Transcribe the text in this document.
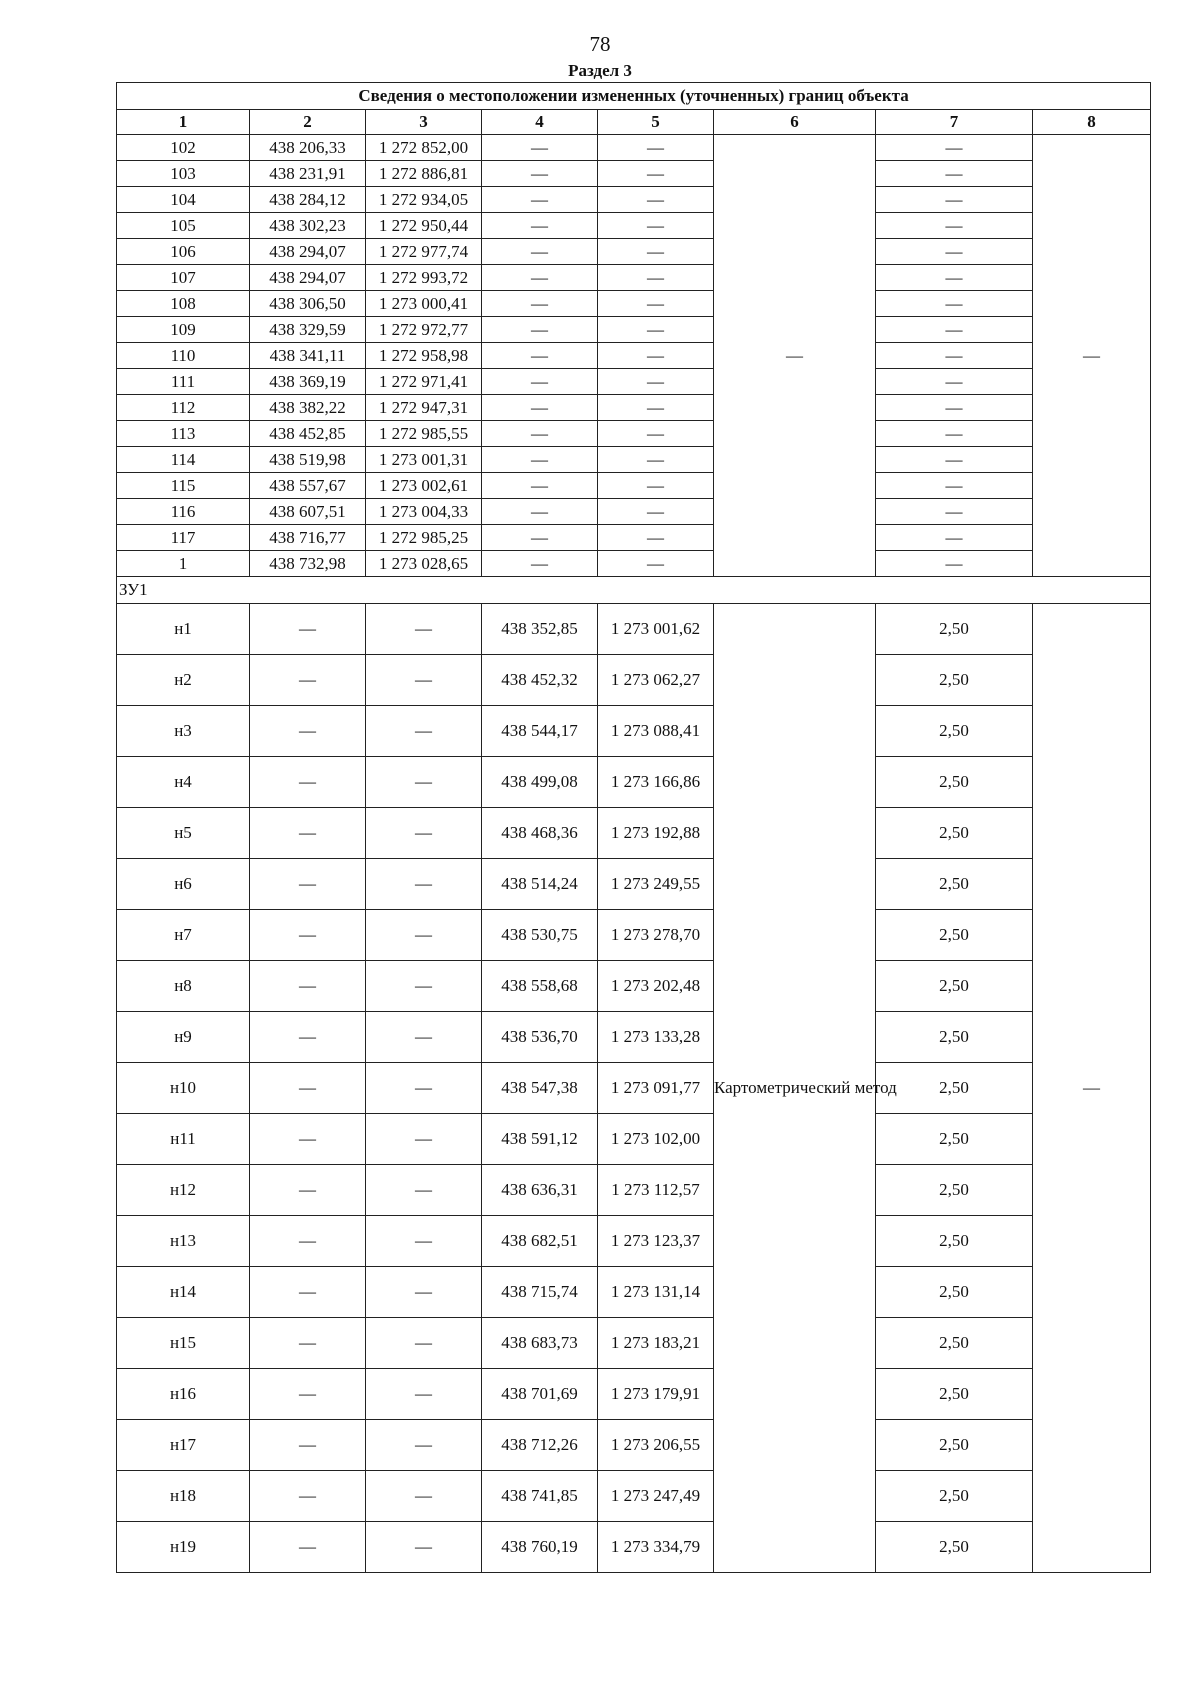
78
Раздел 3
Сведения о местоположении измененных (уточненных) границ объекта							
1	2	3	4	5	6	7	8
102	438 206,33	1 272 852,00	—	—	—	—	—
103	438 231,91	1 272 886,81	—	—		—	
104	438 284,12	1 272 934,05	—	—		—	
105	438 302,23	1 272 950,44	—	—		—	
106	438 294,07	1 272 977,74	—	—		—	
107	438 294,07	1 272 993,72	—	—		—	
108	438 306,50	1 273 000,41	—	—		—	
109	438 329,59	1 272 972,77	—	—		—	
110	438 341,11	1 272 958,98	—	—		—	
111	438 369,19	1 272 971,41	—	—		—	
112	438 382,22	1 272 947,31	—	—		—	
113	438 452,85	1 272 985,55	—	—		—	
114	438 519,98	1 273 001,31	—	—		—	
115	438 557,67	1 273 002,61	—	—		—	
116	438 607,51	1 273 004,33	—	—		—	
117	438 716,77	1 272 985,25	—	—		—	
1	438 732,98	1 273 028,65	—	—		—	
ЗУ1							
н1	—	—	438 352,85	1 273 001,62	Картометрический метод	2,50	—
н2	—	—	438 452,32	1 273 062,27		2,50	
н3	—	—	438 544,17	1 273 088,41		2,50	
н4	—	—	438 499,08	1 273 166,86		2,50	
н5	—	—	438 468,36	1 273 192,88		2,50	
н6	—	—	438 514,24	1 273 249,55		2,50	
н7	—	—	438 530,75	1 273 278,70		2,50	
н8	—	—	438 558,68	1 273 202,48		2,50	
н9	—	—	438 536,70	1 273 133,28		2,50	
н10	—	—	438 547,38	1 273 091,77		2,50	
н11	—	—	438 591,12	1 273 102,00		2,50	
н12	—	—	438 636,31	1 273 112,57		2,50	
н13	—	—	438 682,51	1 273 123,37		2,50	
н14	—	—	438 715,74	1 273 131,14		2,50	
н15	—	—	438 683,73	1 273 183,21		2,50	
н16	—	—	438 701,69	1 273 179,91		2,50	
н17	—	—	438 712,26	1 273 206,55		2,50	
н18	—	—	438 741,85	1 273 247,49		2,50	
н19	—	—	438 760,19	1 273 334,79		2,50	
